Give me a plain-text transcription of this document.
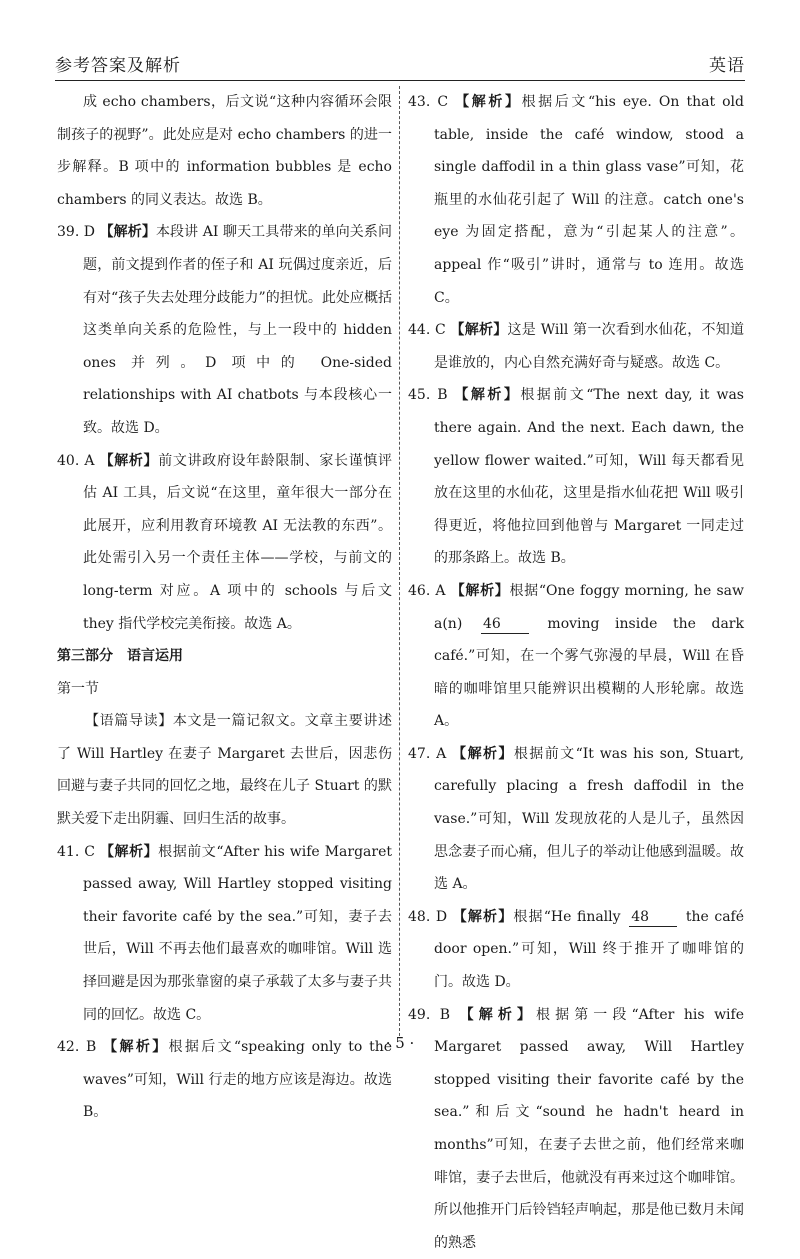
参考答案及解析	英语

成 echo chambers，后文说“这种内容循环会限制孩子的视野”。此处应是对 echo chambers 的进一步解释。B 项中的 information bubbles 是 echo chambers 的同义表达。故选 B。

39. D 【解析】本段讲 AI 聊天工具带来的单向关系问题，前文提到作者的侄子和 AI 玩偶过度亲近，后有对“孩子失去处理分歧能力”的担忧。此处应概括这类单向关系的危险性，与上一段中的 hidden ones 并列。D 项中的 One-sided relationships with AI chatbots 与本段核心一致。故选 D。

40. A 【解析】前文讲政府设年龄限制、家长谨慎评估 AI 工具，后文说“在这里，童年很大一部分在此展开，应利用教育环境教 AI 无法教的东西”。此处需引入另一个责任主体——学校，与前文的 long-term 对应。A 项中的 schools 与后文 they 指代学校完美衔接。故选 A。

第三部分　语言运用

第一节

【语篇导读】本文是一篇记叙文。文章主要讲述了 Will Hartley 在妻子 Margaret 去世后，因悲伤回避与妻子共同的回忆之地，最终在儿子 Stuart 的默默关爱下走出阴霾、回归生活的故事。

41. C 【解析】根据前文“After his wife Margaret passed away, Will Hartley stopped visiting their favorite café by the sea.”可知，妻子去世后，Will 不再去他们最喜欢的咖啡馆。Will 选择回避是因为那张靠窗的桌子承载了太多与妻子共同的回忆。故选 C。

42. B 【解析】根据后文“speaking only to the waves”可知，Will 行走的地方应该是海边。故选 B。

43. C 【解析】根据后文“his eye. On that old table, inside the café window, stood a single daffodil in a thin glass vase”可知，花瓶里的水仙花引起了 Will 的注意。catch one's eye 为固定搭配，意为“引起某人的注意”。appeal 作“吸引”讲时，通常与 to 连用。故选 C。

44. C 【解析】这是 Will 第一次看到水仙花，不知道是谁放的，内心自然充满好奇与疑惑。故选 C。

45. B 【解析】根据前文“The next day, it was there again. And the next. Each dawn, the yellow flower waited.”可知，Will 每天都看见放在这里的水仙花，这里是指水仙花把 Will 吸引得更近，将他拉回到他曾与 Margaret 一同走过的那条路上。故选 B。

46. A 【解析】根据“One foggy morning, he saw a(n) 46	moving inside the dark café.”可知，在一个雾气弥漫的早晨，Will 在昏暗的咖啡馆里只能辨识出模糊的人形轮廓。故选 A。

47. A 【解析】根据前文“It was his son, Stuart, carefully placing a fresh daffodil in the vase.”可知，Will 发现放花的人是儿子，虽然因思念妻子而心痛，但儿子的举动让他感到温暖。故选 A。

48. D 【解析】根据“He finally 48	the café door open.”可知，Will 终于推开了咖啡馆的门。故选 D。

49. B 【解析】根据第一段“After his wife Margaret passed away, Will Hartley stopped visiting their favorite café by the sea.”和后文“sound he hadn't heard in months”可知，在妻子去世之前，他们经常来咖啡馆，妻子去世后，他就没有再来过这个咖啡馆。所以他推开门后铃铛轻声响起，那是他已数月未闻的熟悉

· 5 ·
